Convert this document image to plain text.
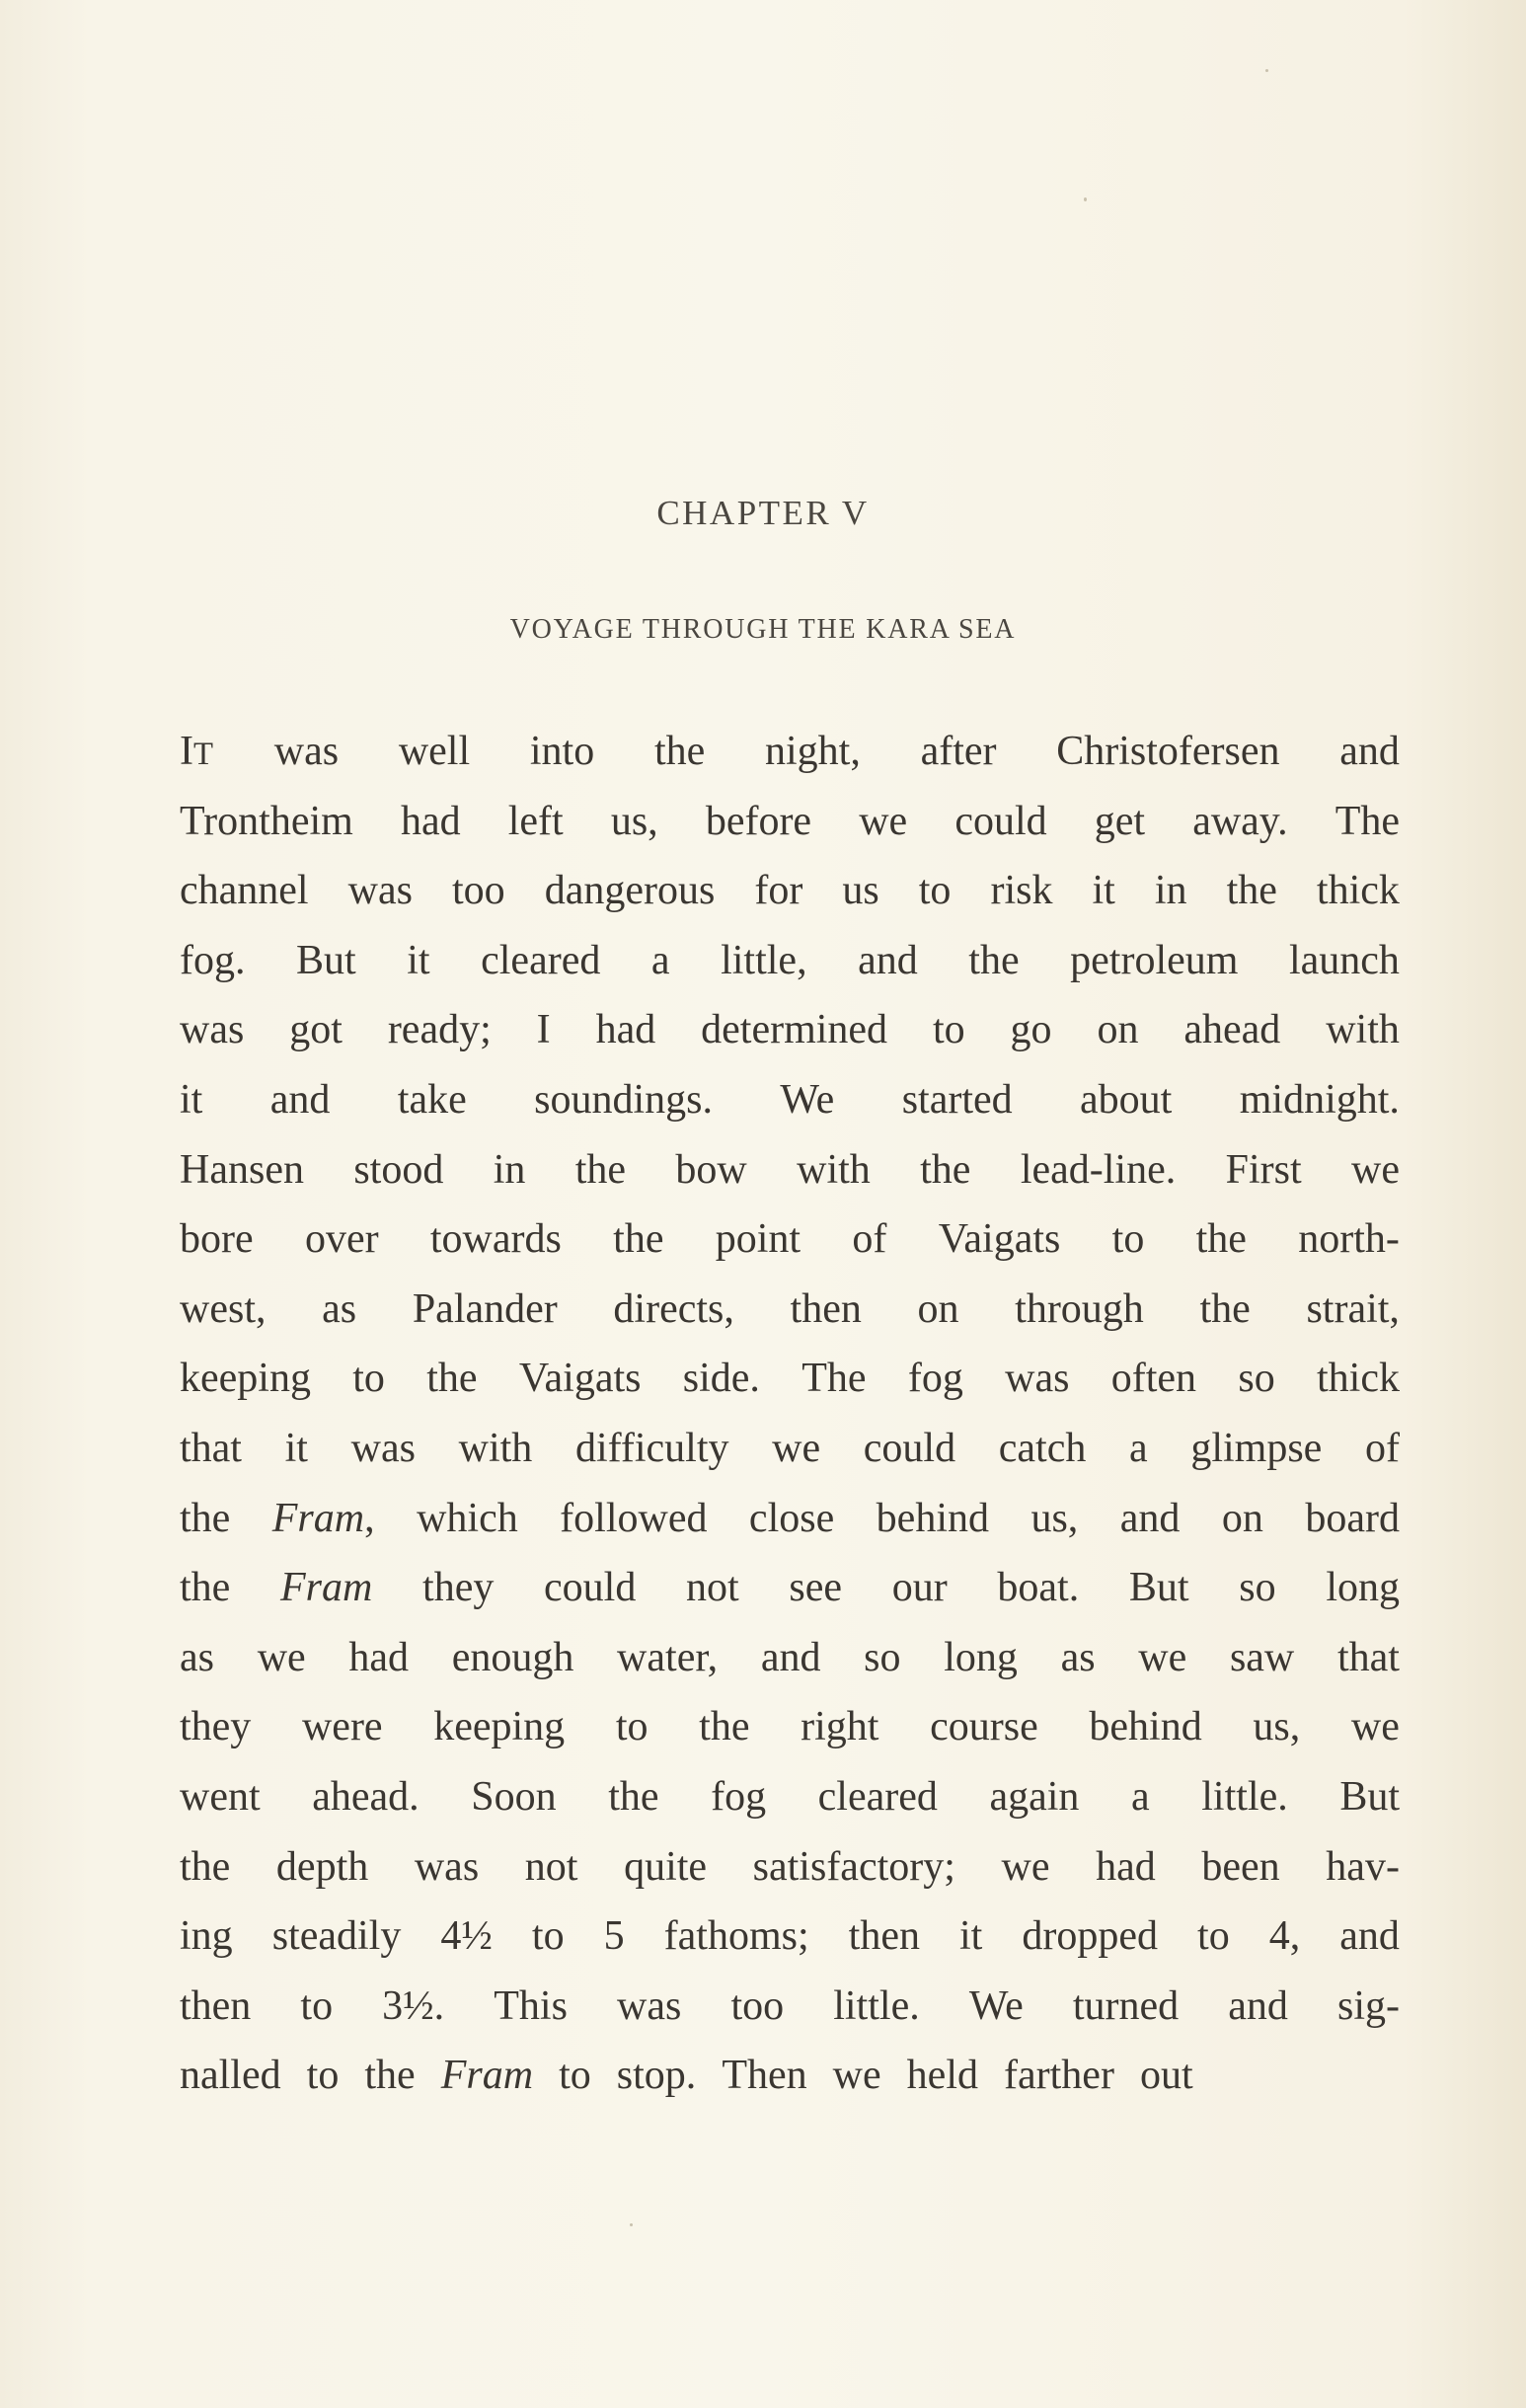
CHAPTER V
VOYAGE THROUGH THE KARA SEA
IT was well into the night, after Christofersen and
Trontheim had left us, before we could get away. The
channel was too dangerous for us to risk it in the thick
fog. But it cleared a little, and the petroleum launch
was got ready; I had determined to go on ahead with
it and take soundings. We started about midnight.
Hansen stood in the bow with the lead-line. First we
bore over towards the point of Vaigats to the north-
west, as Palander directs, then on through the strait,
keeping to the Vaigats side. The fog was often so thick
that it was with difficulty we could catch a glimpse of
the Fram, which followed close behind us, and on board
the Fram they could not see our boat. But so long
as we had enough water, and so long as we saw that
they were keeping to the right course behind us, we
went ahead. Soon the fog cleared again a little. But
the depth was not quite satisfactory; we had been hav-
ing steadily 4½ to 5 fathoms; then it dropped to 4, and
then to 3½. This was too little. We turned and sig-
nalled to the Fram to stop. Then we held farther out
